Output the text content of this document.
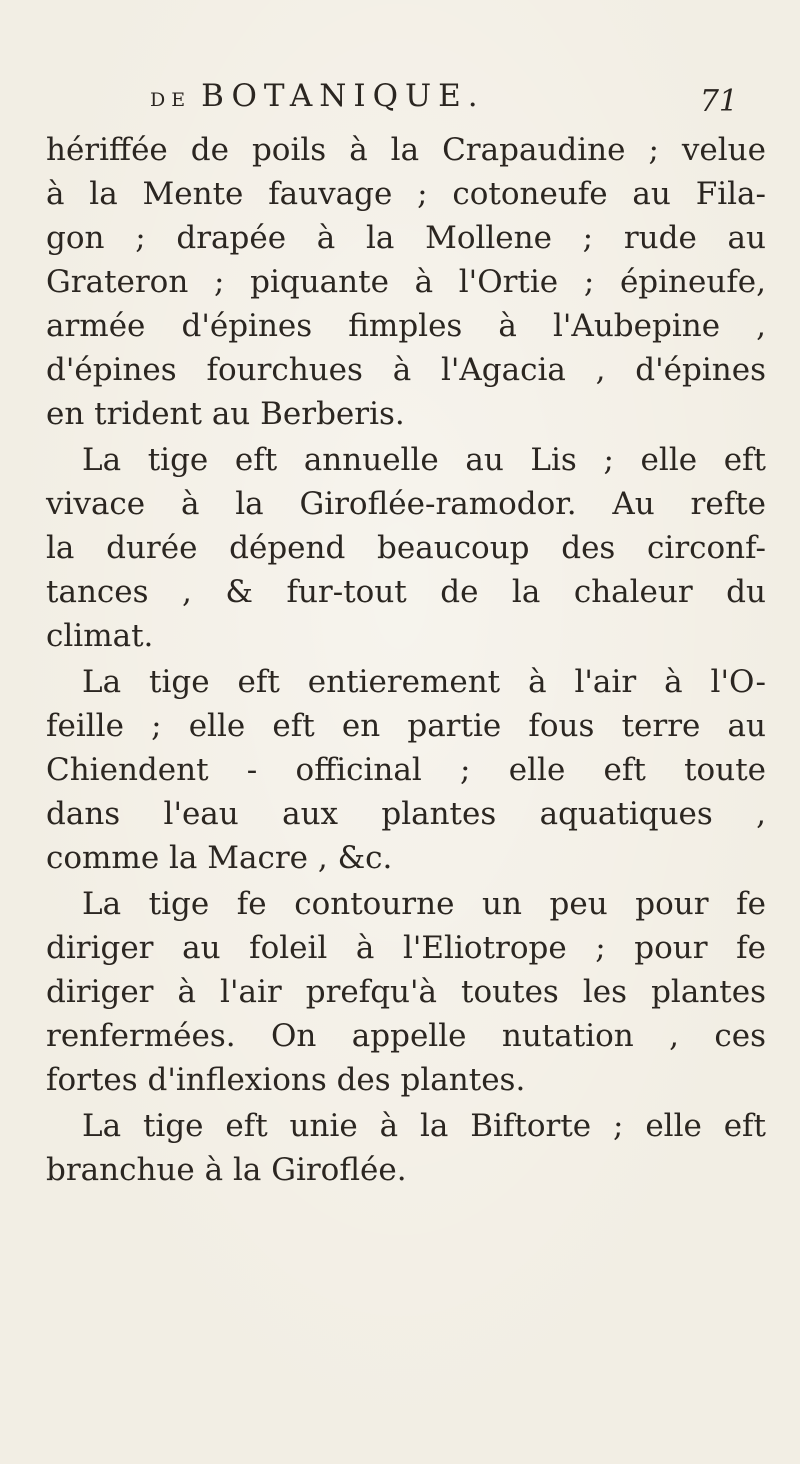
DE BOTANIQUE.	71
hériffée de poils à la Crapaudine ; velue
à la Mente fauvage ; cotoneufe au Fila-
gon ; drapée à la Mollene ; rude au
Grateron ; piquante à l'Ortie ; épineufe,
armée d'épines fimples à l'Aubepine ,
d'épines fourchues à l'Agacia , d'épines
en trident au Berberis.
La tige eft annuelle au Lis ; elle eft
vivace à la Giroflée-ramodor. Au refte
la durée dépend beaucoup des circonf-
tances , & fur-tout de la chaleur du
climat.
La tige eft entierement à l'air à l'O-
feille ; elle eft en partie fous terre au
Chiendent - officinal ; elle eft toute
dans l'eau aux plantes aquatiques ,
comme la Macre , &c.
La tige fe contourne un peu pour fe
diriger au foleil à l'Eliotrope ; pour fe
diriger à l'air prefqu'à toutes les plantes
renfermées. On appelle nutation , ces
fortes d'inflexions des plantes.
La tige eft unie à la Biftorte ; elle eft
branchue à la Giroflée.
